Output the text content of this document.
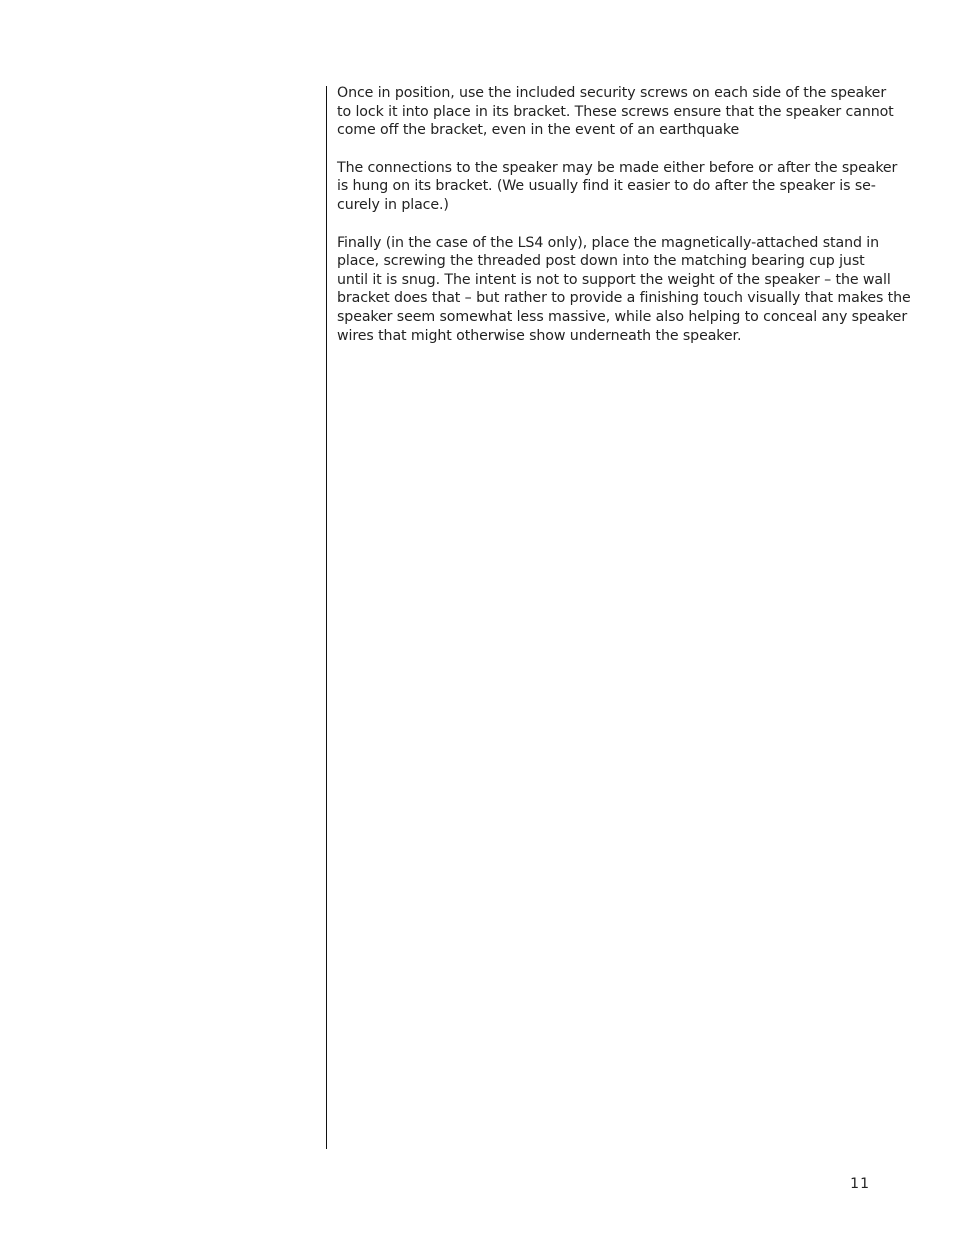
Once in position, use the included security screws on each side of the speaker
to lock it into place in its bracket. These screws ensure that the speaker cannot
come off the bracket, even in the event of an earthquake

The connections to the speaker may be made either before or after the speaker
is hung on its bracket. (We usually find it easier to do after the speaker is se-
curely in place.)

Finally (in the case of the LS4 only), place the magnetically-attached stand in
place, screwing the threaded post down into the matching bearing cup just
until it is snug. The intent is not to support the weight of the speaker – the wall
bracket does that – but rather to provide a finishing touch visually that makes the
speaker seem somewhat less massive, while also helping to conceal any speaker
wires that might otherwise show underneath the speaker.

11
